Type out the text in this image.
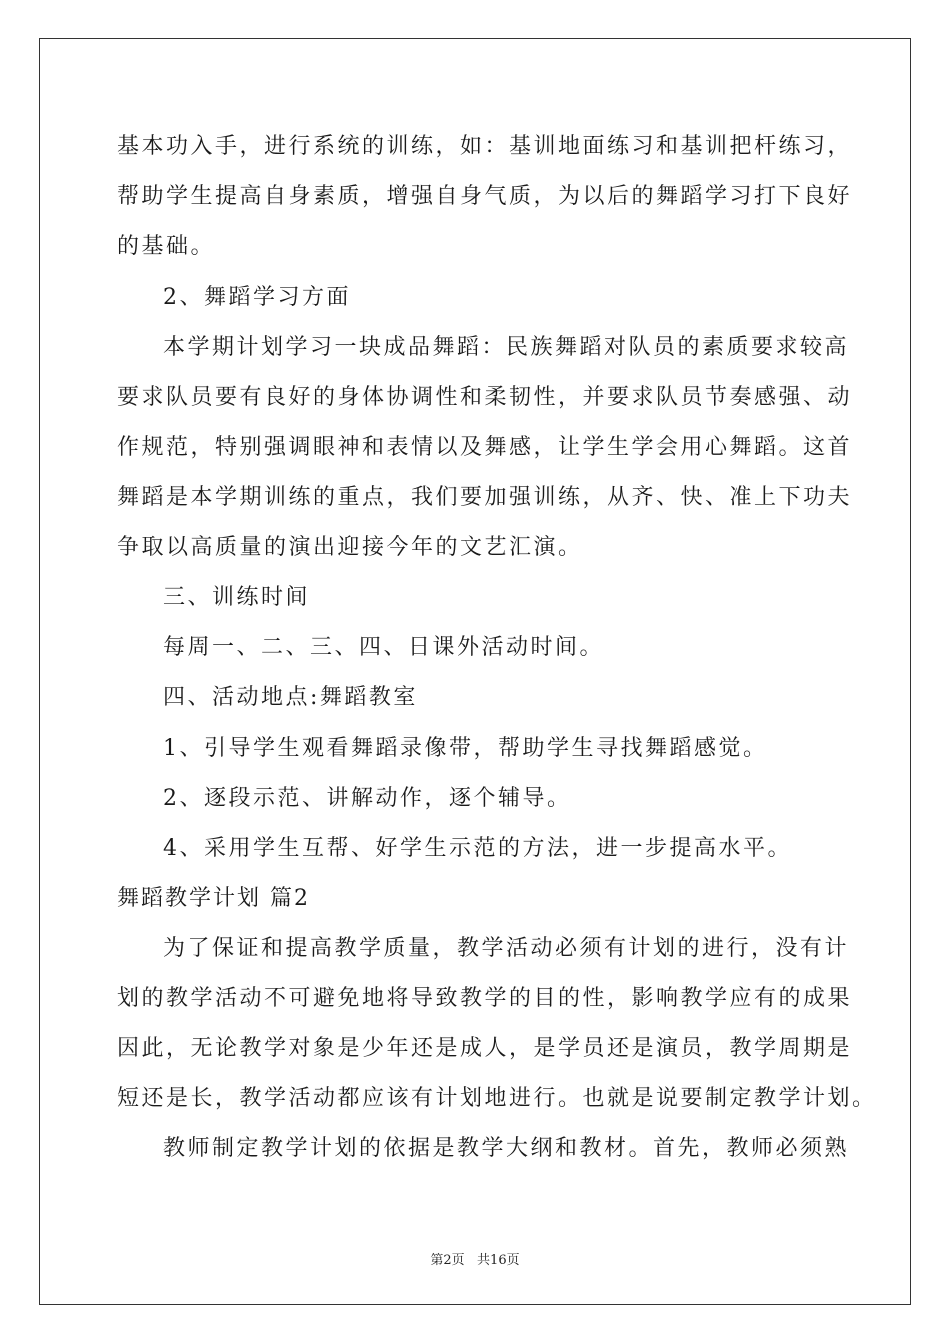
基本功入手，进行系统的训练，如：基训地面练习和基训把杆练习，
帮助学生提高自身素质，增强自身气质，为以后的舞蹈学习打下良好
的基础。
2、舞蹈学习方面
本学期计划学习一块成品舞蹈：民族舞蹈对队员的素质要求较高
要求队员要有良好的身体协调性和柔韧性，并要求队员节奏感强、动
作规范，特别强调眼神和表情以及舞感，让学生学会用心舞蹈。这首
舞蹈是本学期训练的重点，我们要加强训练，从齐、快、准上下功夫
争取以高质量的演出迎接今年的文艺汇演。
三、训练时间
每周一、二、三、四、日课外活动时间。
四、活动地点:舞蹈教室
1、引导学生观看舞蹈录像带，帮助学生寻找舞蹈感觉。
2、逐段示范、讲解动作，逐个辅导。
4、采用学生互帮、好学生示范的方法，进一步提高水平。
舞蹈教学计划 篇2
为了保证和提高教学质量，教学活动必须有计划的进行，没有计
划的教学活动不可避免地将导致教学的目的性，影响教学应有的成果
因此，无论教学对象是少年还是成人，是学员还是演员，教学周期是
短还是长，教学活动都应该有计划地进行。也就是说要制定教学计划。
教师制定教学计划的依据是教学大纲和教材。首先，教师必须熟
第2页   共16页
